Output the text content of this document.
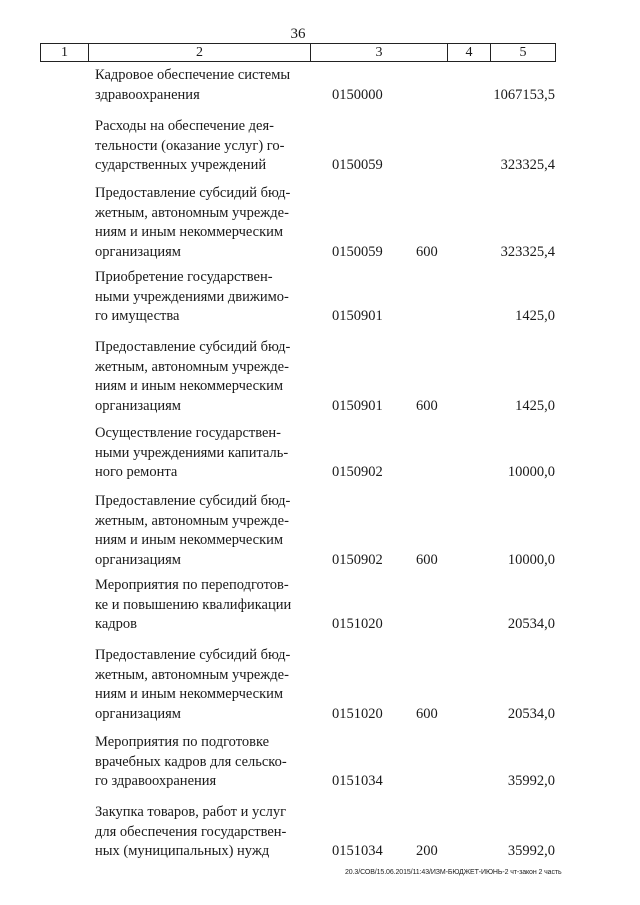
36
1	2	3	4	5
Кадровое обеспечение системы
здравоохранения	0150000	1067153,5
Расходы на обеспечение дея-
тельности (оказание услуг) го-
сударственных учреждений	0150059	323325,4
Предоставление субсидий бюд-
жетным, автономным учрежде-
ниям и иным некоммерческим
организациям	0150059 600	323325,4
Приобретение государствен-
ными учреждениями движимо-
го имущества	0150901	1425,0
Предоставление субсидий бюд-
жетным, автономным учрежде-
ниям и иным некоммерческим
организациям	0150901 600	1425,0
Осуществление государствен-
ными учреждениями капиталь-
ного ремонта	0150902	10000,0
Предоставление субсидий бюд-
жетным, автономным учрежде-
ниям и иным некоммерческим
организациям	0150902 600	10000,0
Мероприятия по переподготов-
ке и повышению квалификации
кадров	0151020	20534,0
Предоставление субсидий бюд-
жетным, автономным учрежде-
ниям и иным некоммерческим
организациям	0151020 600	20534,0
Мероприятия по подготовке
врачебных кадров для сельско-
го здравоохранения	0151034	35992,0
Закупка товаров, работ и услуг
для обеспечения государствен-
ных (муниципальных) нужд	0151034 200	35992,0
20.3/СОВ/15.06.2015/11:43/ИЗМ-БЮДЖЕТ-ИЮНЬ-2 чт-закон 2 часть
